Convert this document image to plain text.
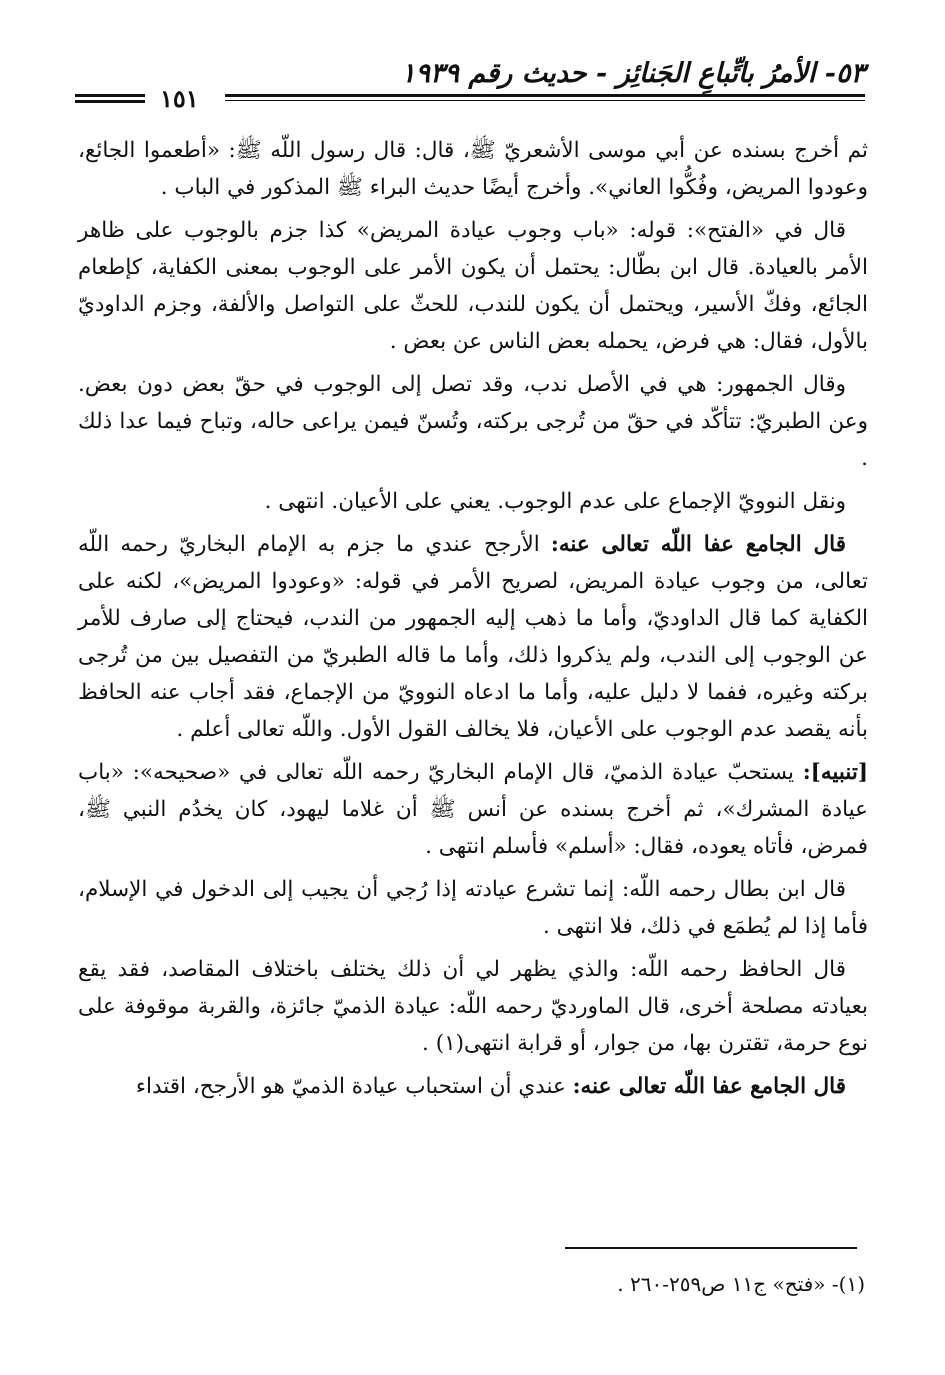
٥٣- الأمرُ باتِّباعِ الجَنائِز - حديث رقم ١٩٣٩
١٥١

ثم أخرج بسنده عن أبي موسى الأشعريّ ﷺ، قال: قال رسول اللّه ﷺ: «أطعموا الجائع، وعودوا المريض، وفُكُّوا العاني». وأخرج أيضًا حديث البراء ﷺ المذكور في الباب .

قال في «الفتح»: قوله: «باب وجوب عيادة المريض» كذا جزم بالوجوب على ظاهر الأمر بالعيادة. قال ابن بطّال: يحتمل أن يكون الأمر على الوجوب بمعنى الكفاية، كإطعام الجائع، وفكّ الأسير، ويحتمل أن يكون للندب، للحثّ على التواصل والألفة، وجزم الداوديّ بالأول، فقال: هي فرض، يحمله بعض الناس عن بعض .

وقال الجمهور: هي في الأصل ندب، وقد تصل إلى الوجوب في حقّ بعض دون بعض. وعن الطبريّ: تتأكّد في حقّ من تُرجى بركته، وتُسنّ فيمن يراعى حاله، وتباح فيما عدا ذلك .

ونقل النوويّ الإجماع على عدم الوجوب. يعني على الأعيان. انتهى .

قال الجامع عفا اللّه تعالى عنه: الأرجح عندي ما جزم به الإمام البخاريّ رحمه اللّه تعالى، من وجوب عيادة المريض، لصريح الأمر في قوله: «وعودوا المريض»، لكنه على الكفاية كما قال الداوديّ، وأما ما ذهب إليه الجمهور من الندب، فيحتاج إلى صارف للأمر عن الوجوب إلى الندب، ولم يذكروا ذلك، وأما ما قاله الطبريّ من التفصيل بين من تُرجى بركته وغيره، ففما لا دليل عليه، وأما ما ادعاه النوويّ من الإجماع، فقد أجاب عنه الحافظ بأنه يقصد عدم الوجوب على الأعيان، فلا يخالف القول الأول. واللّه تعالى أعلم .

[تنبيه]: يستحبّ عيادة الذميّ، قال الإمام البخاريّ رحمه اللّه تعالى في «صحيحه»: «باب عيادة المشرك»، ثم أخرج بسنده عن أنس ﷺ أن غلاما ليهود، كان يخدُم النبي ﷺ، فمرض، فأتاه يعوده، فقال: «أسلم» فأسلم انتهى .

قال ابن بطال رحمه اللّه: إنما تشرع عيادته إذا رُجي أن يجيب إلى الدخول في الإسلام، فأما إذا لم يُطمَع في ذلك، فلا انتهى .

قال الحافظ رحمه اللّه: والذي يظهر لي أن ذلك يختلف باختلاف المقاصد، فقد يقع بعيادته مصلحة أخرى، قال الماورديّ رحمه اللّه: عيادة الذميّ جائزة، والقربة موقوفة على نوع حرمة، تقترن بها، من جوار، أو قرابة انتهى(١) .

قال الجامع عفا اللّه تعالى عنه: عندي أن استحباب عيادة الذميّ هو الأرجح، اقتداء

(١)- «فتح» ج١١ ص٢٥٩-٢٦٠ .
